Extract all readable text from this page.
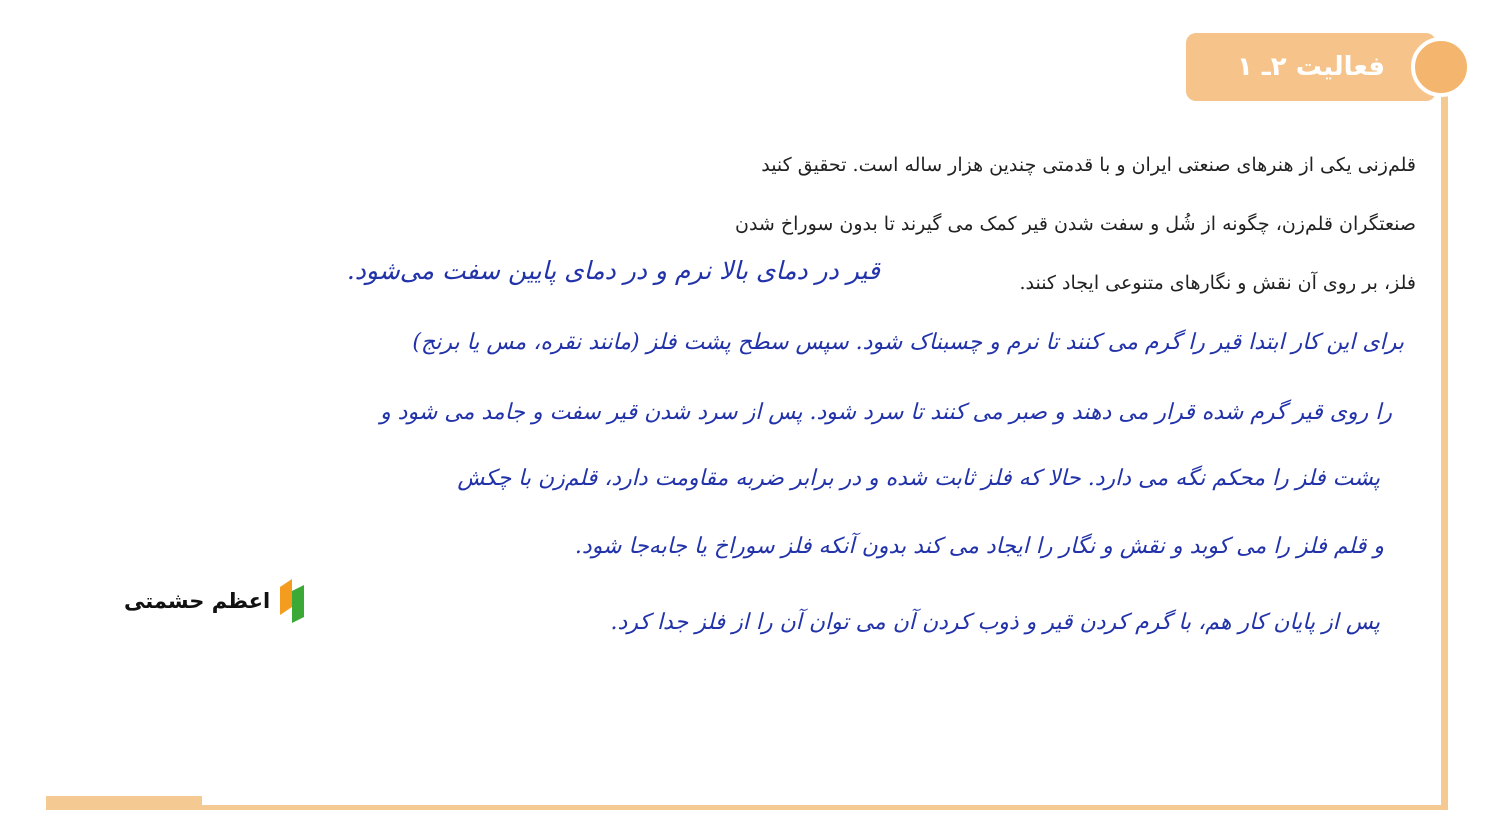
فعالیت ۲ـ ۱
قلم‌زنی یکی از هنرهای صنعتی ایران و با قدمتی چندین هزار ساله است. تحقیق کنید
صنعتگران قلم‌زن، چگونه از شُل و سفت شدن قیر کمک می گیرند تا بدون سوراخ شدن
فلز، بر روی آن نقش و نگارهای متنوعی ایجاد کنند.
قیر در دمای بالا نرم و در دمای پایین سفت می‌شود.
برای این کار ابتدا قیر را گرم می کنند تا نرم و چسبناک شود. سپس سطح پشت فلز (مانند نقره، مس یا برنج)
را روی قیر گرم شده قرار می دهند و صبر می کنند تا سرد شود. پس از سرد شدن قیر سفت و جامد می شود و
پشت فلز را محکم نگه می دارد. حالا که فلز ثابت شده و در برابر ضربه مقاومت دارد، قلم‌زن با چکش
و قلم فلز را می کوبد و نقش و نگار را ایجاد می کند بدون آنکه فلز سوراخ یا جابه‌جا شود.
پس از پایان کار هم، با گرم کردن قیر و ذوب کردن آن می توان آن را از فلز جدا کرد.
اعظم حشمتی
